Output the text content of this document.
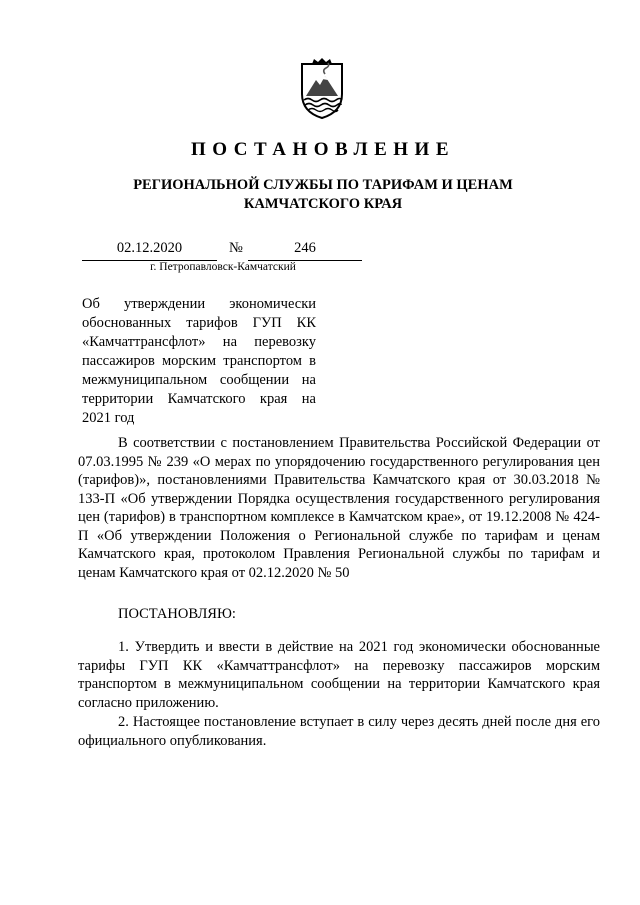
ПОСТАНОВЛЕНИЕ
РЕГИОНАЛЬНОЙ СЛУЖБЫ ПО ТАРИФАМ И ЦЕНАМ
КАМЧАТСКОГО КРАЯ
02.12.2020	№	246
г. Петропавловск-Камчатский
Об утверждении экономически обоснованных тарифов ГУП КК «Камчаттрансфлот» на перевозку пассажиров морским транспортом в межмуниципальном сообщении на территории Камчатского края на
2021 год

В соответствии с постановлением Правительства Российской Федерации от 07.03.1995 № 239 «О мерах по упорядочению государственного регулирования цен (тарифов)», постановлениями Правительства Камчатского края от 30.03.2018 № 133-П «Об утверждении Порядка осуществления государственного регулирования цен (тарифов) в транспортном комплексе в Камчатском крае», от 19.12.2008 № 424-П «Об утверждении Положения о Региональной службе по тарифам и ценам Камчатского края, протоколом Правления Региональной службы по тарифам и ценам Камчатского края от 02.12.2020 № 50

ПОСТАНОВЛЯЮ:

1. Утвердить и ввести в действие на 2021 год экономически обоснованные тарифы ГУП КК «Камчаттрансфлот» на перевозку пассажиров морским транспортом в межмуниципальном сообщении на территории Камчатского края согласно приложению.

2. Настоящее постановление вступает в силу через десять дней после дня его официального опубликования.
